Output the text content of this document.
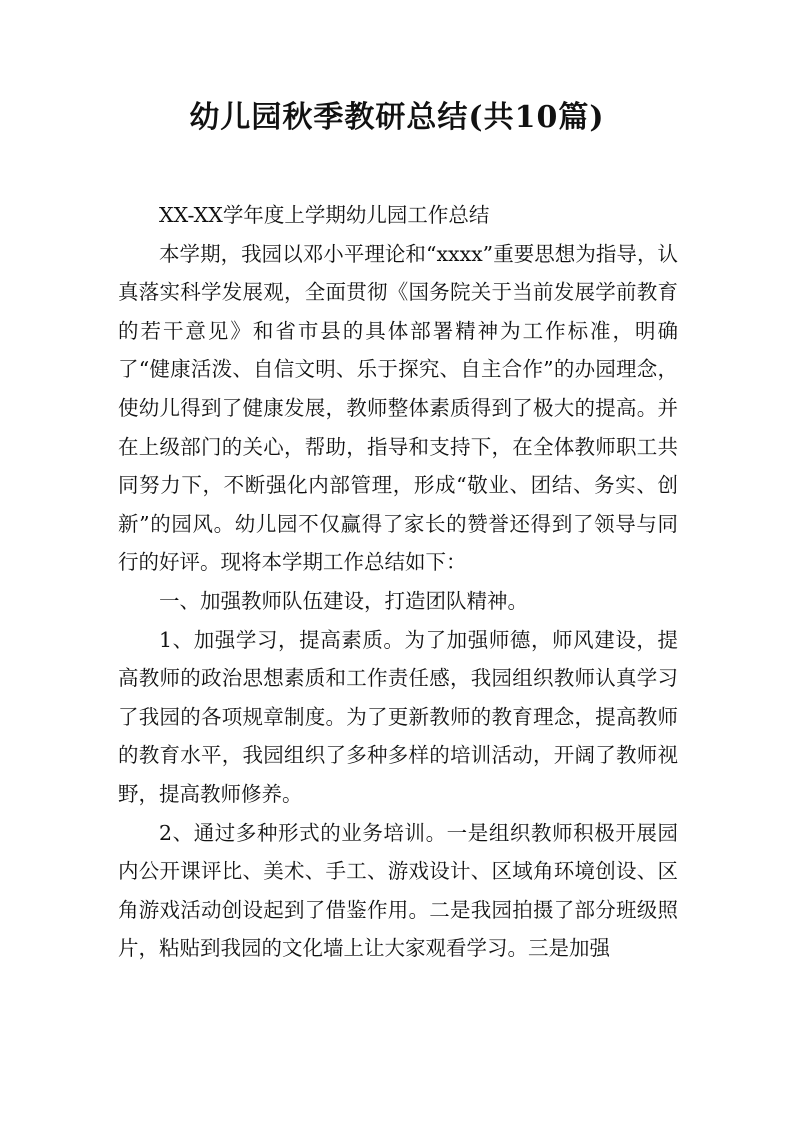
幼儿园秋季教研总结(共10篇)

XX-XX学年度上学期幼儿园工作总结

本学期，我园以邓小平理论和“xxxx”重要思想为指导，认真落实科学发展观，全面贯彻《国务院关于当前发展学前教育的若干意见》和省市县的具体部署精神为工作标准，明确了“健康活泼、自信文明、乐于探究、自主合作”的办园理念，使幼儿得到了健康发展，教师整体素质得到了极大的提高。并在上级部门的关心，帮助，指导和支持下，在全体教师职工共同努力下，不断强化内部管理，形成“敬业、团结、务实、创新”的园风。幼儿园不仅赢得了家长的赞誉还得到了领导与同行的好评。现将本学期工作总结如下：

一、加强教师队伍建设，打造团队精神。

1、加强学习，提高素质。为了加强师德，师风建设，提高教师的政治思想素质和工作责任感，我园组织教师认真学习了我园的各项规章制度。为了更新教师的教育理念，提高教师的教育水平，我园组织了多种多样的培训活动，开阔了教师视野，提高教师修养。

2、通过多种形式的业务培训。一是组织教师积极开展园内公开课评比、美术、手工、游戏设计、区域角环境创设、区角游戏活动创设起到了借鉴作用。二是我园拍摄了部分班级照片，粘贴到我园的文化墙上让大家观看学习。三是加强
